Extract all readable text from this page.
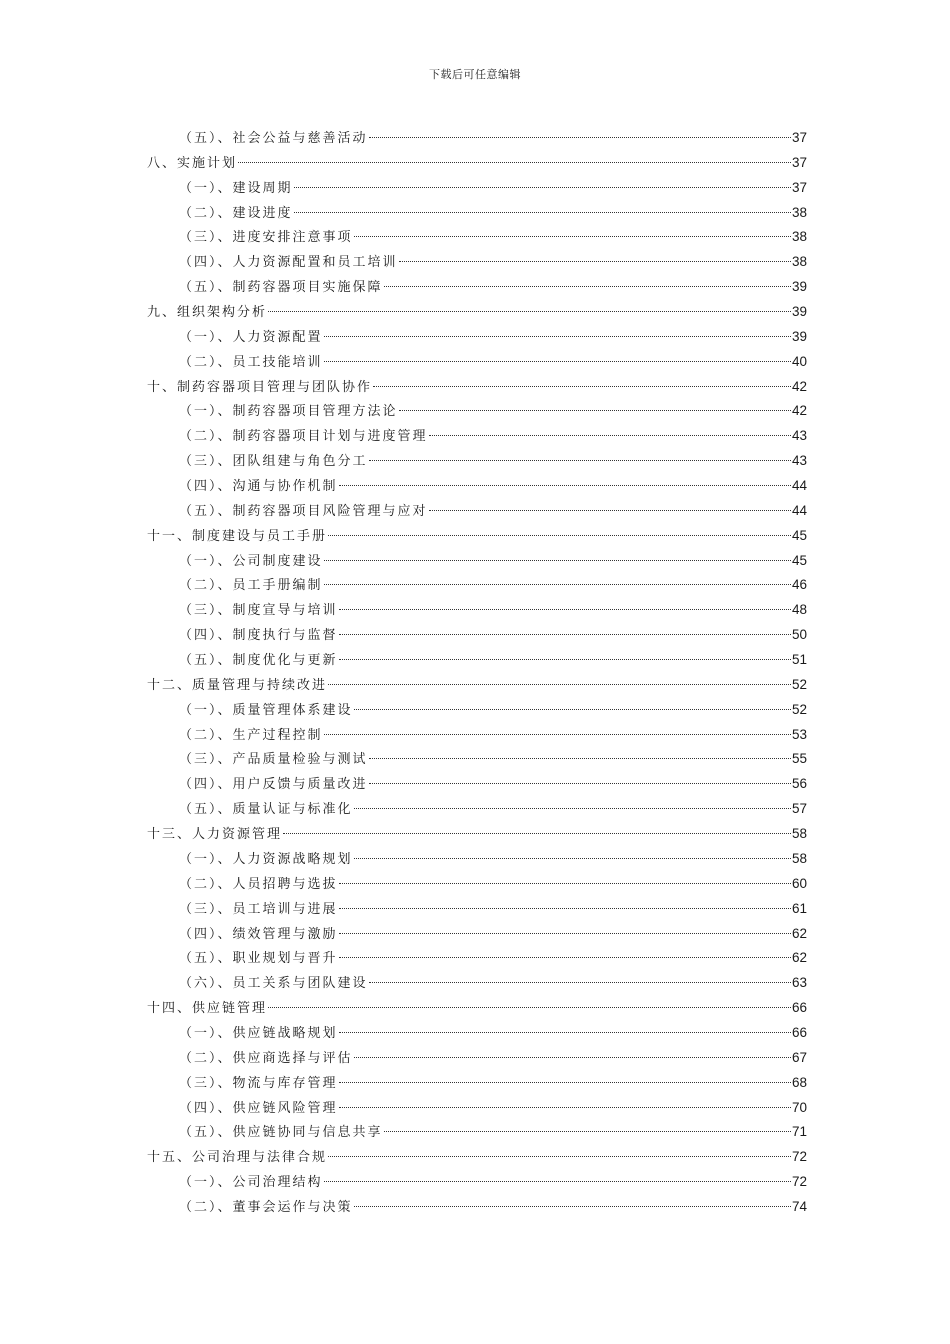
下载后可任意编辑
（五）、社会公益与慈善活动	37
八、实施计划	37
（一）、建设周期	37
（二）、建设进度	38
（三）、进度安排注意事项	38
（四）、人力资源配置和员工培训	38
（五）、制药容器项目实施保障	39
九、组织架构分析	39
（一）、人力资源配置	39
（二）、员工技能培训	40
十、制药容器项目管理与团队协作	42
（一）、制药容器项目管理方法论	42
（二）、制药容器项目计划与进度管理	43
（三）、团队组建与角色分工	43
（四）、沟通与协作机制	44
（五）、制药容器项目风险管理与应对	44
十一、制度建设与员工手册	45
（一）、公司制度建设	45
（二）、员工手册编制	46
（三）、制度宣导与培训	48
（四）、制度执行与监督	50
（五）、制度优化与更新	51
十二、质量管理与持续改进	52
（一）、质量管理体系建设	52
（二）、生产过程控制	53
（三）、产品质量检验与测试	55
（四）、用户反馈与质量改进	56
（五）、质量认证与标准化	57
十三、人力资源管理	58
（一）、人力资源战略规划	58
（二）、人员招聘与选拔	60
（三）、员工培训与进展	61
（四）、绩效管理与激励	62
（五）、职业规划与晋升	62
（六）、员工关系与团队建设	63
十四、供应链管理	66
（一）、供应链战略规划	66
（二）、供应商选择与评估	67
（三）、物流与库存管理	68
（四）、供应链风险管理	70
（五）、供应链协同与信息共享	71
十五、公司治理与法律合规	72
（一）、公司治理结构	72
（二）、董事会运作与决策	74
